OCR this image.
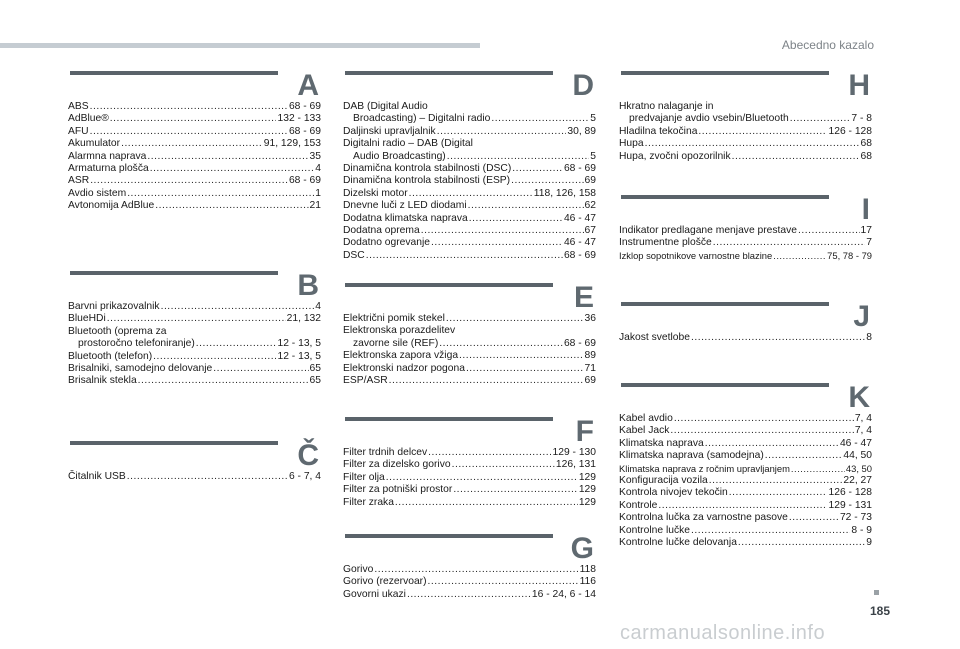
Abecedno kazalo
A
ABS .....	68 - 69
AdBlue® .....	132 - 133
AFU .....	68 - 69
Akumulator .....	91, 129, 153
Alarmna naprava .....	35
Armaturna plošča .....	4
ASR .....	68 - 69
Avdio sistem .....	1
Avtonomija AdBlue .....	21
B
Barvni prikazovalnik .....	4
BlueHDi .....	21, 132
Bluetooth (oprema za
prostoročno telefoniranje) .....	12 - 13, 5
Bluetooth (telefon) .....	12 - 13, 5
Brisalniki, samodejno delovanje .....	65
Brisalnik stekla .....	65
Č
Čitalnik USB .....	6 - 7, 4
D
DAB (Digital Audio
Broadcasting) – Digitalni radio .....	5
Daljinski upravljalnik .....	30, 89
Digitalni radio – DAB (Digital
Audio Broadcasting) .....	5
Dinamična kontrola stabilnosti (DSC) .....	68 - 69
Dinamična kontrola stabilnosti (ESP) .....	69
Dizelski motor .....	118, 126, 158
Dnevne luči z LED diodami .....	62
Dodatna klimatska naprava .....	46 - 47
Dodatna oprema .....	67
Dodatno ogrevanje .....	46 - 47
DSC .....	68 - 69
E
Električni pomik stekel .....	36
Elektronska porazdelitev
zavorne sile (REF) .....	68 - 69
Elektronska zapora vžiga .....	89
Elektronski nadzor pogona .....	71
ESP/ASR .....	69
F
Filter trdnih delcev .....	129 - 130
Filter za dizelsko gorivo .....	126, 131
Filter olja .....	129
Filter za potniški prostor .....	129
Filter zraka .....	129
G
Gorivo .....	118
Gorivo (rezervoar) .....	116
Govorni ukazi .....	16 - 24, 6 - 14
H
Hkratno nalaganje in
predvajanje avdio vsebin/Bluetooth .....	7 - 8
Hladilna tekočina .....	126 - 128
Hupa .....	68
Hupa, zvočni opozorilnik .....	68
I
Indikator predlagane menjave prestave .....	17
Instrumentne plošče .....	7
Izklop sopotnikove varnostne blazine .....	75, 78 - 79
J
Jakost svetlobe .....	8
K
Kabel avdio .....	7, 4
Kabel Jack .....	7, 4
Klimatska naprava .....	46 - 47
Klimatska naprava (samodejna) .....	44, 50
Klimatska naprava z ročnim upravljanjem .....	43, 50
Konfiguracija vozila .....	22, 27
Kontrola nivojev tekočin .....	126 - 128
Kontrole .....	129 - 131
Kontrolna lučka za varnostne pasove .....	72 - 73
Kontrolne lučke .....	8 - 9
Kontrolne lučke delovanja .....	9
185
carmanualsonline.info
